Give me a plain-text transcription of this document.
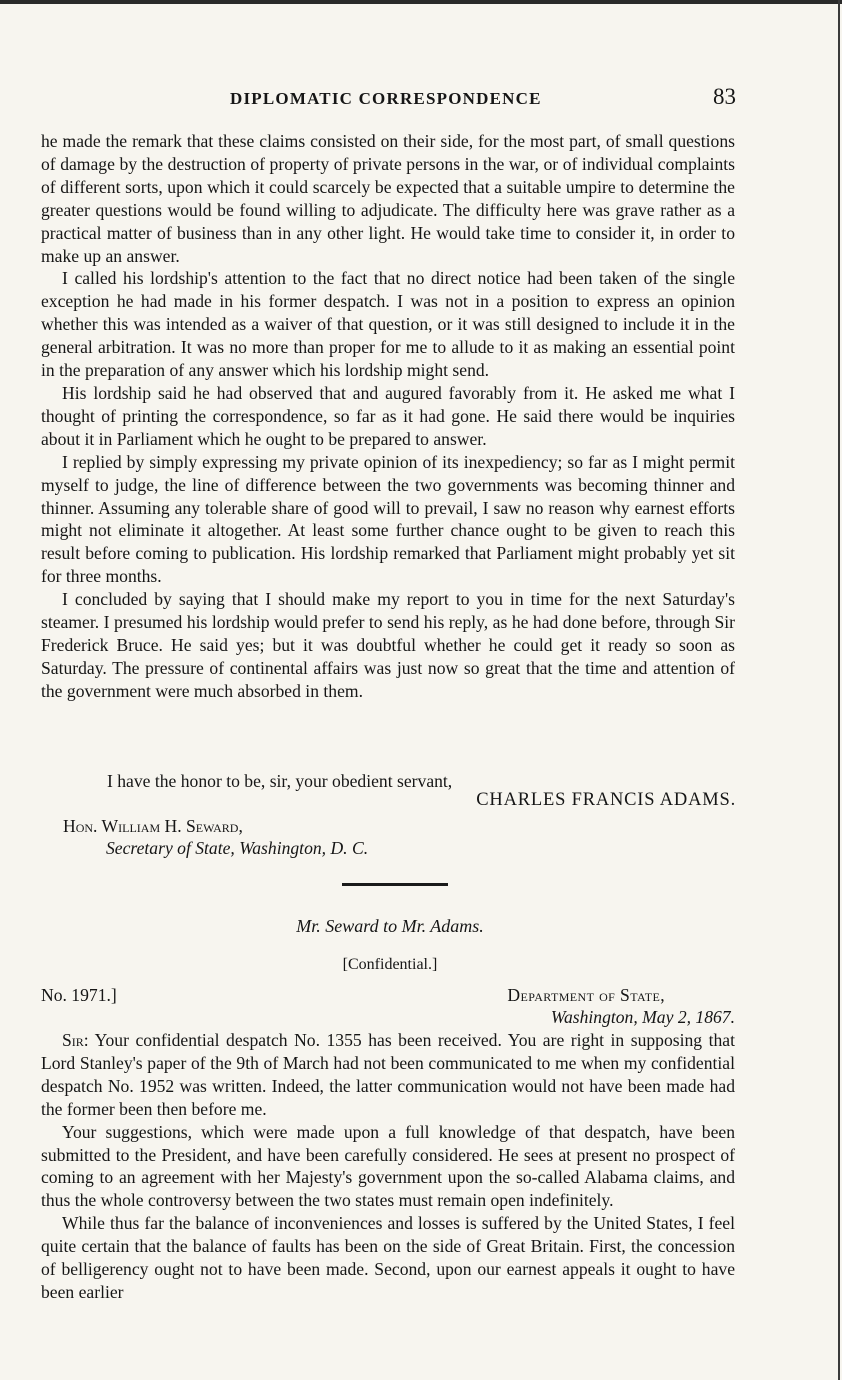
DIPLOMATIC CORRESPONDENCE	83

he made the remark that these claims consisted on their side, for the most part, of small questions of damage by the destruction of property of private persons in the war, or of individual complaints of different sorts, upon which it could scarcely be expected that a suitable umpire to determine the greater questions would be found willing to adjudicate. The difficulty here was grave rather as a practical matter of business than in any other light. He would take time to consider it, in order to make up an answer.

I called his lordship's attention to the fact that no direct notice had been taken of the single exception he had made in his former despatch. I was not in a position to express an opinion whether this was intended as a waiver of that question, or it was still designed to include it in the general arbitration. It was no more than proper for me to allude to it as making an essential point in the preparation of any answer which his lordship might send.

His lordship said he had observed that and augured favorably from it. He asked me what I thought of printing the correspondence, so far as it had gone. He said there would be inquiries about it in Parliament which he ought to be prepared to answer.

I replied by simply expressing my private opinion of its inexpediency; so far as I might permit myself to judge, the line of difference between the two governments was becoming thinner and thinner. Assuming any tolerable share of good will to prevail, I saw no reason why earnest efforts might not eliminate it altogether. At least some further chance ought to be given to reach this result before coming to publication. His lordship remarked that Parliament might probably yet sit for three months.

I concluded by saying that I should make my report to you in time for the next Saturday's steamer. I presumed his lordship would prefer to send his reply, as he had done before, through Sir Frederick Bruce. He said yes; but it was doubtful whether he could get it ready so soon as Saturday. The pressure of continental affairs was just now so great that the time and attention of the government were much absorbed in them.

I have the honor to be, sir, your obedient servant,
CHARLES FRANCIS ADAMS.
Hon. William H. Seward,
Secretary of State, Washington, D. C.
Mr. Seward to Mr. Adams.
[Confidential.]
No. 1971.]	Department of State,
Washington, May 2, 1867.

Sir: Your confidential despatch No. 1355 has been received. You are right in supposing that Lord Stanley's paper of the 9th of March had not been communicated to me when my confidential despatch No. 1952 was written. Indeed, the latter communication would not have been made had the former been then before me.

Your suggestions, which were made upon a full knowledge of that despatch, have been submitted to the President, and have been carefully considered. He sees at present no prospect of coming to an agreement with her Majesty's government upon the so-called Alabama claims, and thus the whole controversy between the two states must remain open indefinitely.

While thus far the balance of inconveniences and losses is suffered by the United States, I feel quite certain that the balance of faults has been on the side of Great Britain. First, the concession of belligerency ought not to have been made. Second, upon our earnest appeals it ought to have been earlier
